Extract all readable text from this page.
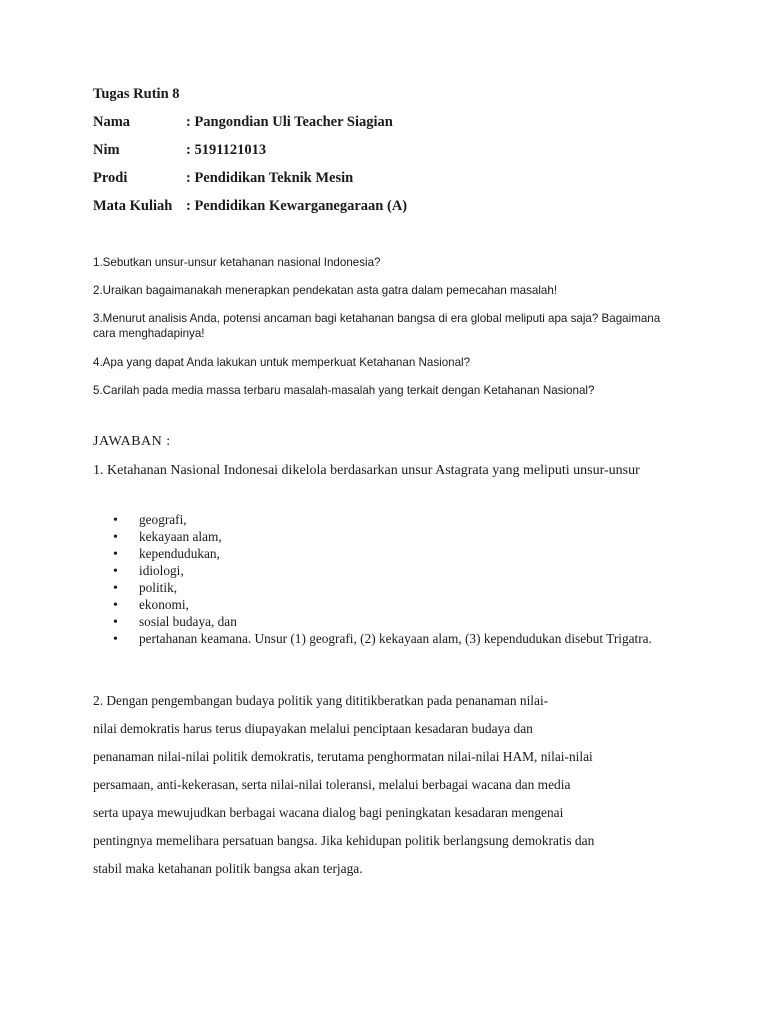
Tugas Rutin 8
Nama	: Pangondian Uli Teacher Siagian
Nim	: 5191121013
Prodi	: Pendidikan Teknik Mesin
Mata Kuliah : Pendidikan Kewarganegaraan (A)
1.Sebutkan unsur-unsur ketahanan nasional Indonesia?
2.Uraikan bagaimanakah menerapkan pendekatan asta gatra dalam pemecahan masalah!
3.Menurut analisis Anda, potensi ancaman bagi ketahanan bangsa di era global meliputi apa saja? Bagaimana cara menghadapinya!
4.Apa yang dapat Anda lakukan untuk memperkuat Ketahanan Nasional?
5.Carilah pada media massa terbaru masalah-masalah yang terkait dengan Ketahanan Nasional?
JAWABAN :
1. Ketahanan Nasional Indonesai dikelola berdasarkan unsur Astagrata yang meliputi unsur-unsur
• geografi,
• kekayaan alam,
• kependudukan,
• idiologi,
• politik,
• ekonomi,
• sosial budaya, dan
• pertahanan keamana. Unsur (1) geografi, (2) kekayaan alam, (3) kependudukan disebut Trigatra.
2. Dengan pengembangan budaya politik yang dititikberatkan pada penanaman nilai-
nilai demokratis harus terus diupayakan melalui penciptaan kesadaran budaya dan
penanaman nilai-nilai politik demokratis, terutama penghormatan nilai-nilai HAM, nilai-nilai
persamaan, anti-kekerasan, serta nilai-nilai toleransi, melalui berbagai wacana dan media
serta upaya mewujudkan berbagai wacana dialog bagi peningkatan kesadaran mengenai
pentingnya memelihara persatuan bangsa. Jika kehidupan politik berlangsung demokratis dan
stabil maka ketahanan politik bangsa akan terjaga.
